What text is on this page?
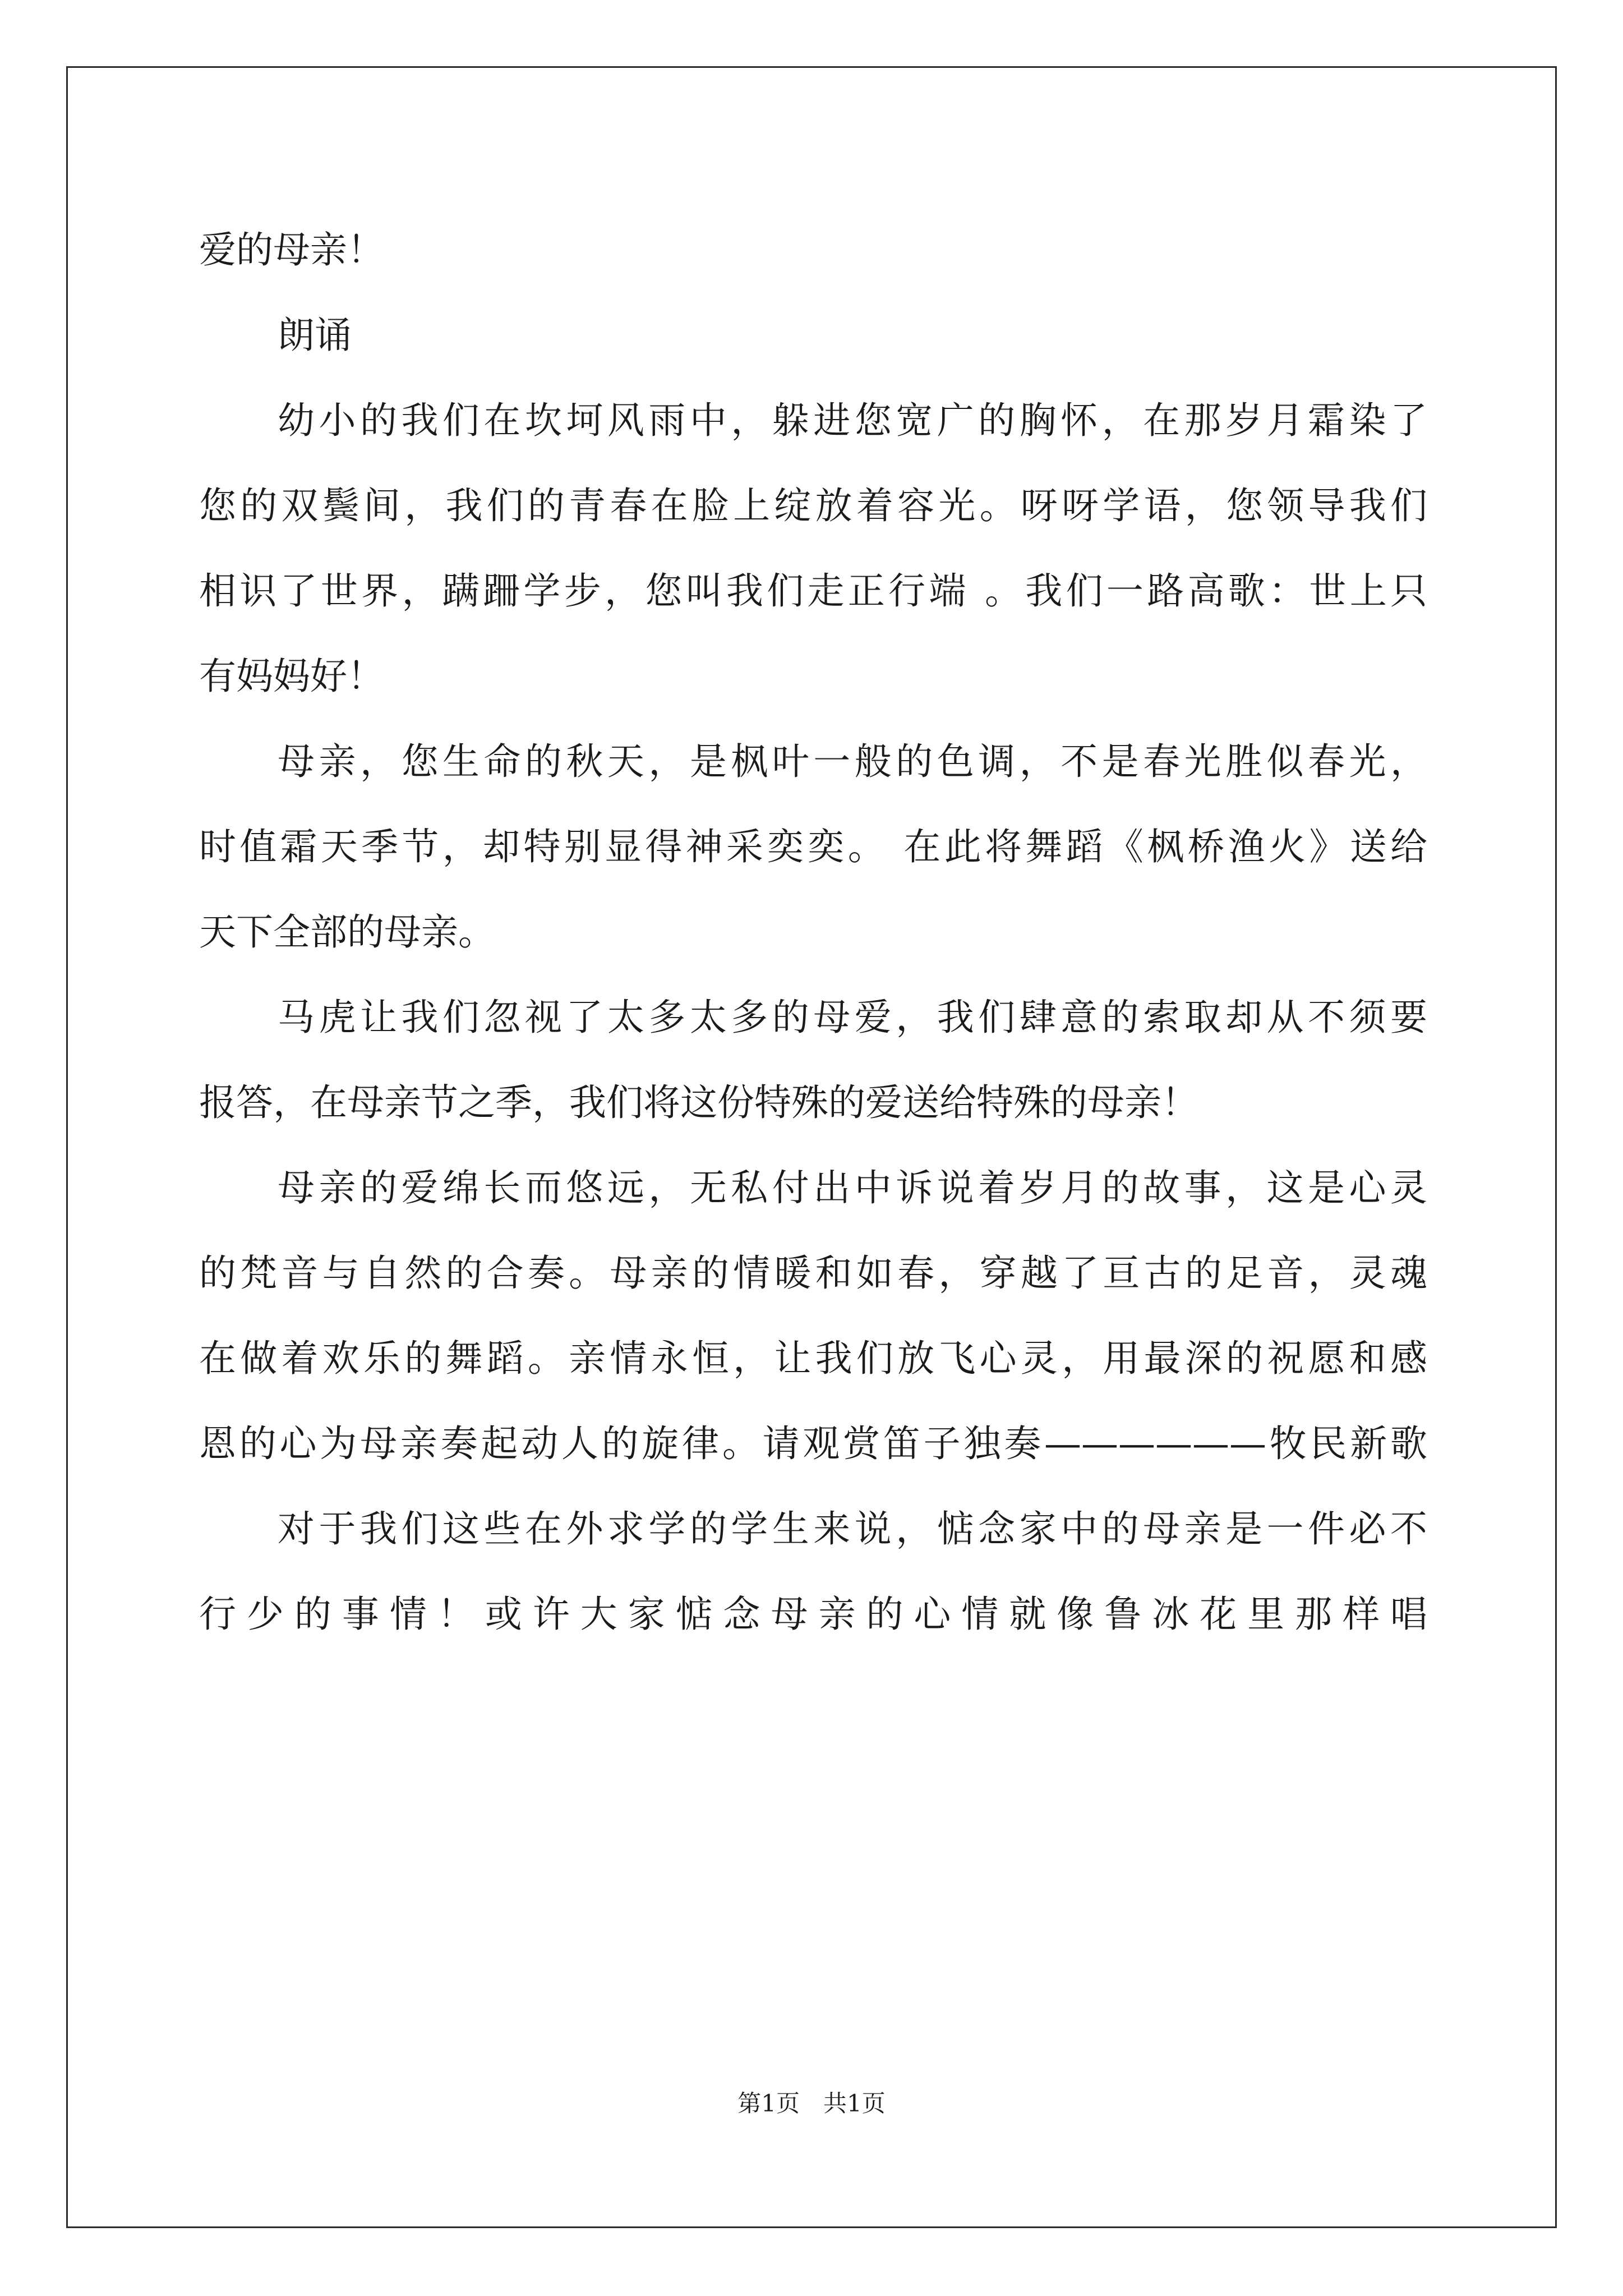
爱的母亲！
朗诵
幼小的我们在坎坷风雨中，躲进您宽广的胸怀，在那岁月霜染了
您的双鬓间，我们的青春在脸上绽放着容光。呀呀学语，您领导我们
相识了世界，蹒跚学步，您叫我们走正行端 。我们一路高歌：世上只
有妈妈好！
母亲，您生命的秋天，是枫叶一般的色调，不是春光胜似春光，
时值霜天季节，却特别显得神采奕奕。 在此将舞蹈《枫桥渔火》送给
天下全部的母亲。
马虎让我们忽视了太多太多的母爱，我们肆意的索取却从不须要
报答，在母亲节之季，我们将这份特殊的爱送给特殊的母亲！
母亲的爱绵长而悠远，无私付出中诉说着岁月的故事，这是心灵
的梵音与自然的合奏。母亲的情暖和如春，穿越了亘古的足音，灵魂
在做着欢乐的舞蹈。亲情永恒，让我们放飞心灵，用最深的祝愿和感
恩的心为母亲奏起动人的旋律。请观赏笛子独奏——————牧民新歌
对于我们这些在外求学的学生来说，惦念家中的母亲是一件必不
行少的事情！或许大家惦念母亲的心情就像鲁冰花里那样唱
第1页　共1页
